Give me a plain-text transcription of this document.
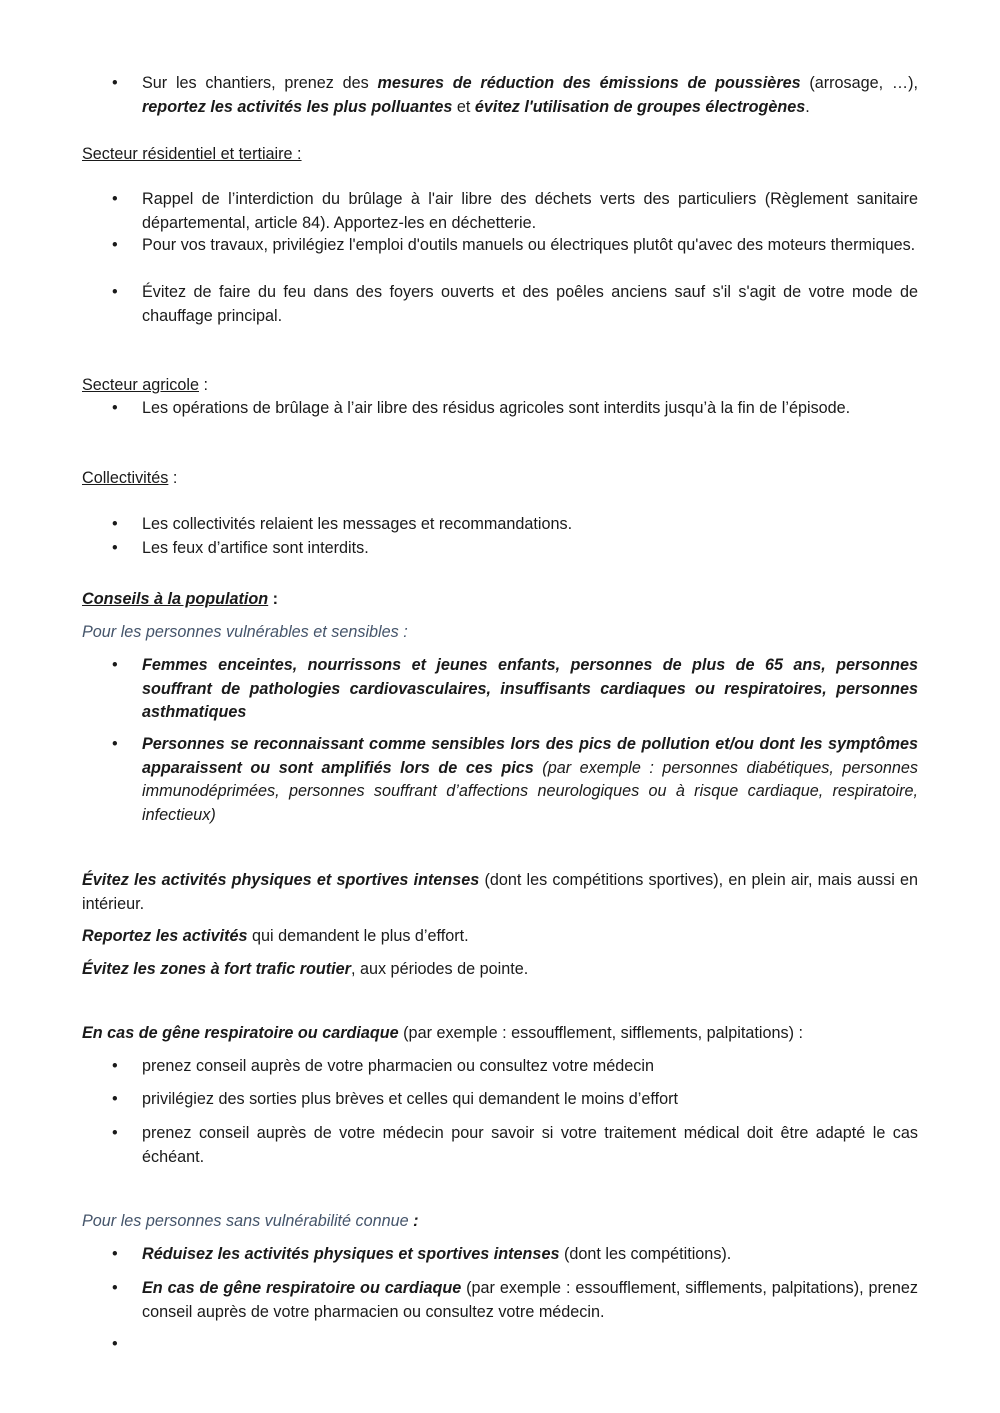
• Sur les chantiers, prenez des mesures de réduction des émissions de poussières (arrosage, …), reportez les activités les plus polluantes et évitez l'utilisation de groupes électrogènes.
Secteur résidentiel et tertiaire :
• Rappel de l’interdiction du brûlage à l'air libre des déchets verts des particuliers (Règlement sanitaire départemental, article 84). Apportez-les en déchetterie.
• Pour vos travaux, privilégiez l'emploi d'outils manuels ou électriques plutôt qu'avec des moteurs thermiques.
• Évitez de faire du feu dans des foyers ouverts et des poêles anciens sauf s'il s'agit de votre mode de chauffage principal.
Secteur agricole :
• Les opérations de brûlage à l’air libre des résidus agricoles sont interdits jusqu’à la fin de l’épisode.
Collectivités :
• Les collectivités relaient les messages et recommandations.
• Les feux d’artifice sont interdits.
Conseils à la population :
Pour les personnes vulnérables et sensibles :
• Femmes enceintes, nourrissons et jeunes enfants, personnes de plus de 65 ans, personnes souffrant de pathologies cardiovasculaires, insuffisants cardiaques ou respiratoires, personnes asthmatiques
• Personnes se reconnaissant comme sensibles lors des pics de pollution et/ou dont les symptômes apparaissent ou sont amplifiés lors de ces pics (par exemple : personnes diabétiques, personnes immunodéprimées, personnes souffrant d’affections neurologiques ou à risque cardiaque, respiratoire, infectieux)
Évitez les activités physiques et sportives intenses (dont les compétitions sportives), en plein air, mais aussi en intérieur.
Reportez les activités qui demandent le plus d’effort.
Évitez les zones à fort trafic routier, aux périodes de pointe.
En cas de gêne respiratoire ou cardiaque (par exemple : essoufflement, sifflements, palpitations) :
• prenez conseil auprès de votre pharmacien ou consultez votre médecin
• privilégiez des sorties plus brèves et celles qui demandent le moins d’effort
• prenez conseil auprès de votre médecin pour savoir si votre traitement médical doit être adapté le cas échéant.
Pour les personnes sans vulnérabilité connue :
• Réduisez les activités physiques et sportives intenses (dont les compétitions).
• En cas de gêne respiratoire ou cardiaque (par exemple : essoufflement, sifflements, palpitations), prenez conseil auprès de votre pharmacien ou consultez votre médecin.
•
